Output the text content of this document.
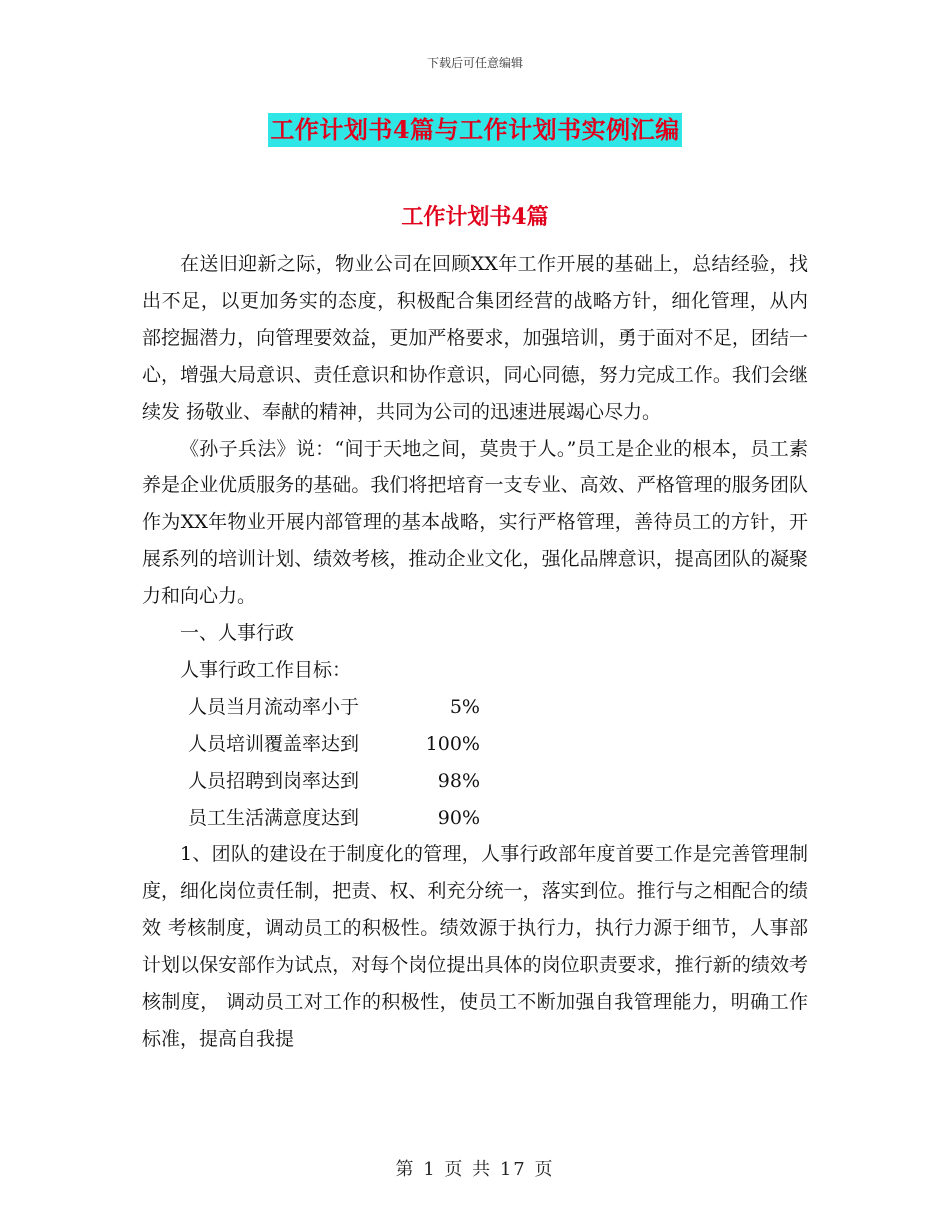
下载后可任意编辑
工作计划书4篇与工作计划书实例汇编
工作计划书4篇

在送旧迎新之际，物业公司在回顾XX年工作开展的基础上，总结经验，找出不足，以更加务实的态度，积极配合集团经营的战略方针，细化管理，从内 部挖掘潜力，向管理要效益，更加严格要求，加强培训，勇于面对不足，团结一心，增强大局意识、责任意识和协作意识，同心同德，努力完成工作。我们会继续发 扬敬业、奉献的精神，共同为公司的迅速进展竭心尽力。

《孙子兵法》说：“间于天地之间，莫贵于人。”员工是企业的根本，员工素养是企业优质服务的基础。我们将把培育一支专业、高效、严格管理的服务团队 作为XX年物业开展内部管理的基本战略，实行严格管理，善待员工的方针，开展系列的培训计划、绩效考核，推动企业文化，强化品牌意识，提高团队的凝聚 力和向心力。

一、人事行政

人事行政工作目标：

人员当月流动率小于	5%
人员培训覆盖率达到	100%
人员招聘到岗率达到	98%
员工生活满意度达到	90%

1、团队的建设在于制度化的管理，人事行政部年度首要工作是完善管理制度，细化岗位责任制，把责、权、利充分统一，落实到位。推行与之相配合的绩效 考核制度，调动员工的积极性。绩效源于执行力，执行力源于细节，人事部计划以保安部作为试点，对每个岗位提出具体的岗位职责要求，推行新的绩效考核制度， 调动员工对工作的积极性，使员工不断加强自我管理能力，明确工作标准，提高自我提

第 1 页 共 17 页
